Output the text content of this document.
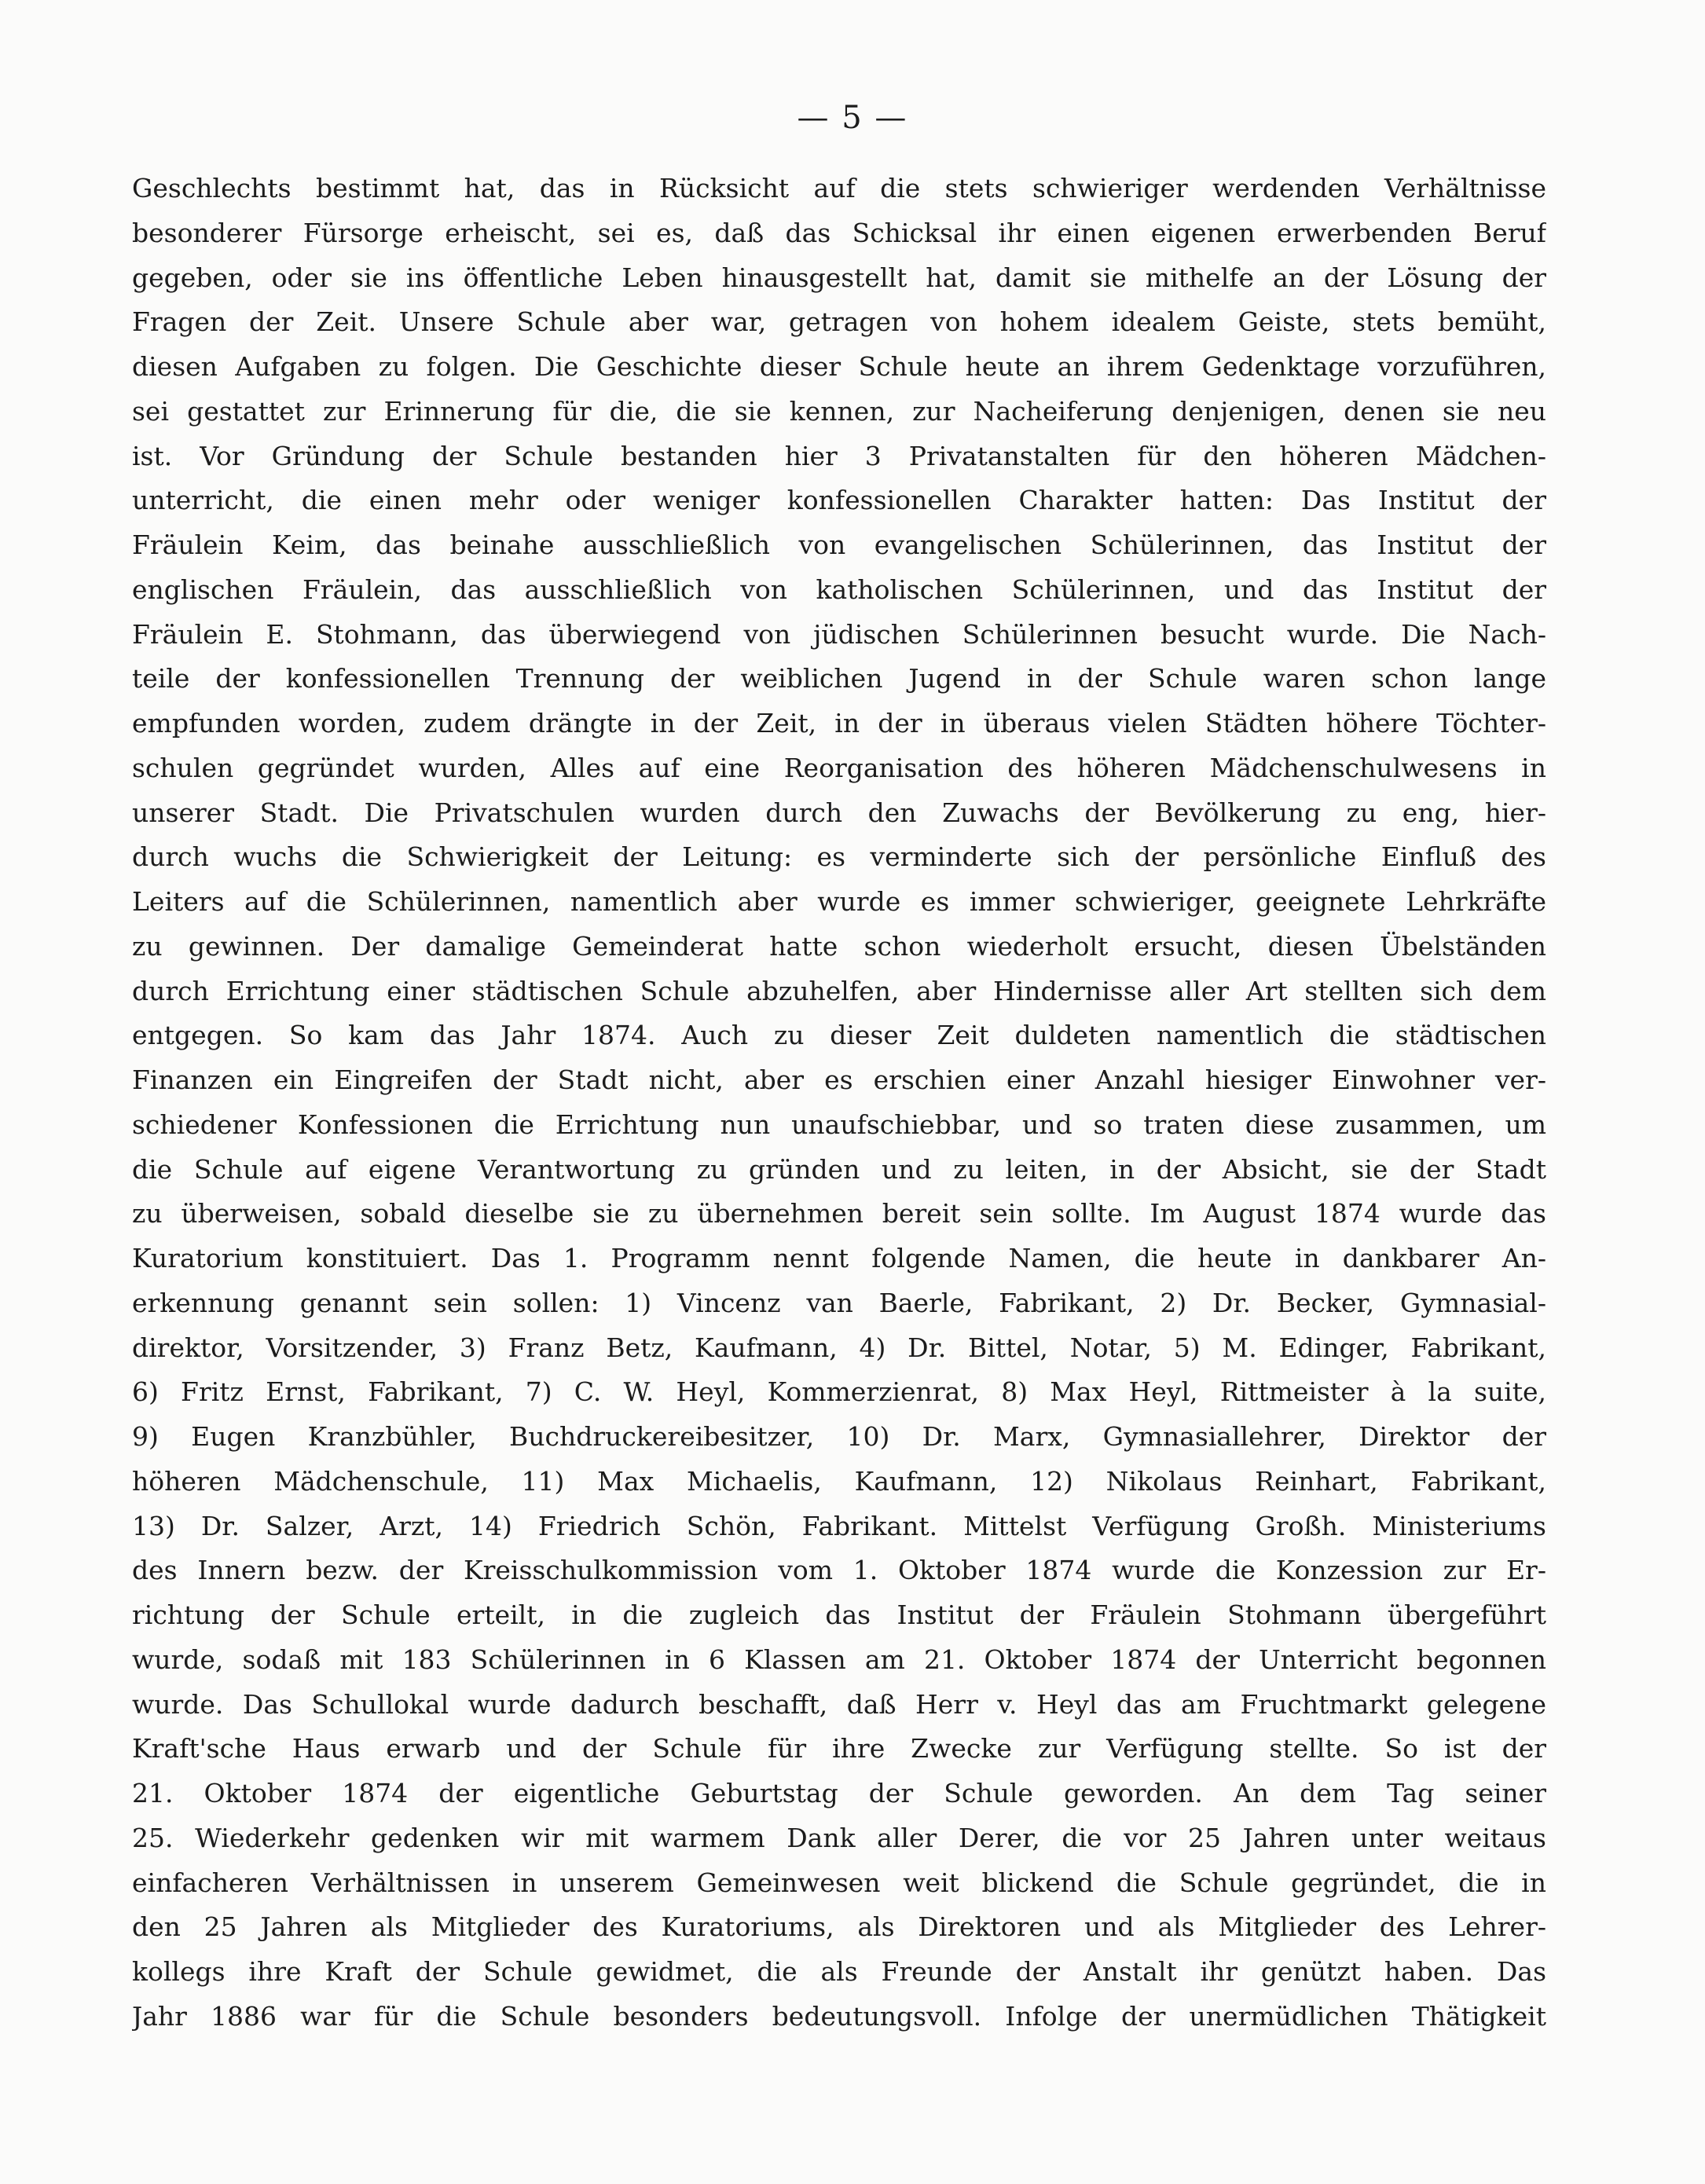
— 5 —
Geschlechts bestimmt hat, das in Rücksicht auf die stets schwieriger werdenden Verhältnisse
besonderer Fürsorge erheischt, sei es, daß das Schicksal ihr einen eigenen erwerbenden Beruf
gegeben, oder sie ins öffentliche Leben hinausgestellt hat, damit sie mithelfe an der Lösung der
Fragen der Zeit. Unsere Schule aber war, getragen von hohem idealem Geiste, stets bemüht,
diesen Aufgaben zu folgen. Die Geschichte dieser Schule heute an ihrem Gedenktage vorzuführen,
sei gestattet zur Erinnerung für die, die sie kennen, zur Nacheiferung denjenigen, denen sie neu
ist. Vor Gründung der Schule bestanden hier 3 Privatanstalten für den höheren Mädchen-
unterricht, die einen mehr oder weniger konfessionellen Charakter hatten: Das Institut der
Fräulein Keim, das beinahe ausschließlich von evangelischen Schülerinnen, das Institut der
englischen Fräulein, das ausschließlich von katholischen Schülerinnen, und das Institut der
Fräulein E. Stohmann, das überwiegend von jüdischen Schülerinnen besucht wurde. Die Nach-
teile der konfessionellen Trennung der weiblichen Jugend in der Schule waren schon lange
empfunden worden, zudem drängte in der Zeit, in der in überaus vielen Städten höhere Töchter-
schulen gegründet wurden, Alles auf eine Reorganisation des höheren Mädchenschulwesens in
unserer Stadt. Die Privatschulen wurden durch den Zuwachs der Bevölkerung zu eng, hier-
durch wuchs die Schwierigkeit der Leitung: es verminderte sich der persönliche Einfluß des
Leiters auf die Schülerinnen, namentlich aber wurde es immer schwieriger, geeignete Lehrkräfte
zu gewinnen. Der damalige Gemeinderat hatte schon wiederholt ersucht, diesen Übelständen
durch Errichtung einer städtischen Schule abzuhelfen, aber Hindernisse aller Art stellten sich dem
entgegen. So kam das Jahr 1874. Auch zu dieser Zeit duldeten namentlich die städtischen
Finanzen ein Eingreifen der Stadt nicht, aber es erschien einer Anzahl hiesiger Einwohner ver-
schiedener Konfessionen die Errichtung nun unaufschiebbar, und so traten diese zusammen, um
die Schule auf eigene Verantwortung zu gründen und zu leiten, in der Absicht, sie der Stadt
zu überweisen, sobald dieselbe sie zu übernehmen bereit sein sollte. Im August 1874 wurde das
Kuratorium konstituiert. Das 1. Programm nennt folgende Namen, die heute in dankbarer An-
erkennung genannt sein sollen: 1) Vincenz van Baerle, Fabrikant, 2) Dr. Becker, Gymnasial-
direktor, Vorsitzender, 3) Franz Betz, Kaufmann, 4) Dr. Bittel, Notar, 5) M. Edinger, Fabrikant,
6) Fritz Ernst, Fabrikant, 7) C. W. Heyl, Kommerzienrat, 8) Max Heyl, Rittmeister à la suite,
9) Eugen Kranzbühler, Buchdruckereibesitzer, 10) Dr. Marx, Gymnasiallehrer, Direktor der
höheren Mädchenschule, 11) Max Michaelis, Kaufmann, 12) Nikolaus Reinhart, Fabrikant,
13) Dr. Salzer, Arzt, 14) Friedrich Schön, Fabrikant. Mittelst Verfügung Großh. Ministeriums
des Innern bezw. der Kreisschulkommission vom 1. Oktober 1874 wurde die Konzession zur Er-
richtung der Schule erteilt, in die zugleich das Institut der Fräulein Stohmann übergeführt
wurde, sodaß mit 183 Schülerinnen in 6 Klassen am 21. Oktober 1874 der Unterricht begonnen
wurde. Das Schullokal wurde dadurch beschafft, daß Herr v. Heyl das am Fruchtmarkt gelegene
Kraft'sche Haus erwarb und der Schule für ihre Zwecke zur Verfügung stellte. So ist der
21. Oktober 1874 der eigentliche Geburtstag der Schule geworden. An dem Tag seiner
25. Wiederkehr gedenken wir mit warmem Dank aller Derer, die vor 25 Jahren unter weitaus
einfacheren Verhältnissen in unserem Gemeinwesen weit blickend die Schule gegründet, die in
den 25 Jahren als Mitglieder des Kuratoriums, als Direktoren und als Mitglieder des Lehrer-
kollegs ihre Kraft der Schule gewidmet, die als Freunde der Anstalt ihr genützt haben. Das
Jahr 1886 war für die Schule besonders bedeutungsvoll. Infolge der unermüdlichen Thätigkeit
